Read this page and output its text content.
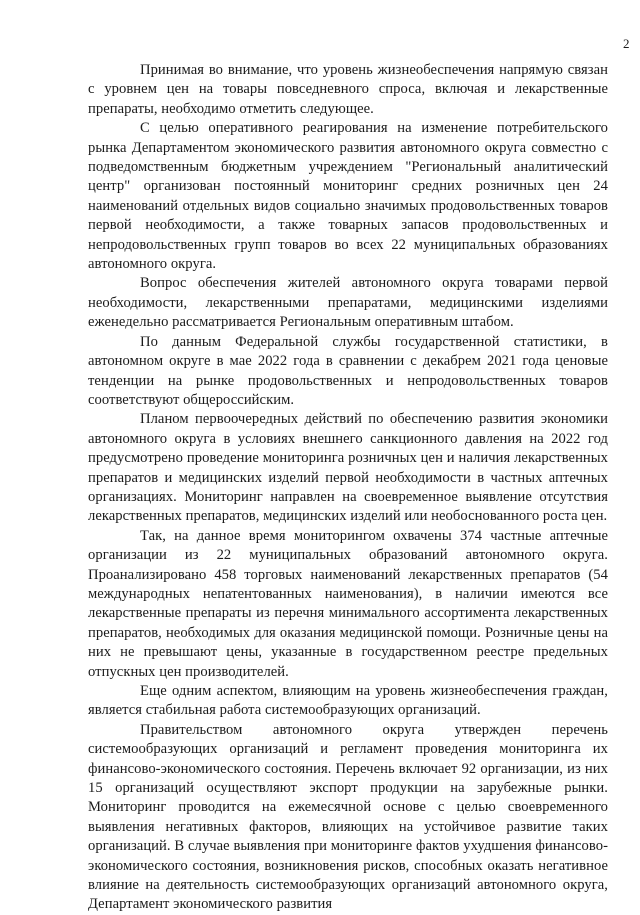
2

Принимая во внимание, что уровень жизнеобеспечения напрямую связан с уровнем цен на товары повседневного спроса, включая и лекарственные препараты, необходимо отметить следующее.

С целью оперативного реагирования на изменение потребительского рынка Департаментом экономического развития автономного округа совместно с подведомственным бюджетным учреждением "Региональный аналитический центр" организован постоянный мониторинг средних розничных цен 24 наименований отдельных видов социально значимых продовольственных товаров первой необходимости, а также товарных запасов продовольственных и непродовольственных групп товаров во всех 22 муниципальных образованиях автономного округа.

Вопрос обеспечения жителей автономного округа товарами первой необходимости, лекарственными препаратами, медицинскими изделиями еженедельно рассматривается Региональным оперативным штабом.

По данным Федеральной службы государственной статистики, в автономном округе в мае 2022 года в сравнении с декабрем 2021 года ценовые тенденции на рынке продовольственных и непродовольственных товаров соответствуют общероссийским.

Планом первоочередных действий по обеспечению развития экономики автономного округа в условиях внешнего санкционного давления на 2022 год предусмотрено проведение мониторинга розничных цен и наличия лекарственных препаратов и медицинских изделий первой необходимости в частных аптечных организациях. Мониторинг направлен на своевременное выявление отсутствия лекарственных препаратов, медицинских изделий или необоснованного роста цен.

Так, на данное время мониторингом охвачены 374 частные аптечные организации из 22 муниципальных образований автономного округа. Проанализировано 458 торговых наименований лекарственных препаратов (54 международных непатентованных наименования), в наличии имеются все лекарственные препараты из перечня минимального ассортимента лекарственных препаратов, необходимых для оказания медицинской помощи. Розничные цены на них не превышают цены, указанные в государственном реестре предельных отпускных цен производителей.

Еще одним аспектом, влияющим на уровень жизнеобеспечения граждан, является стабильная работа системообразующих организаций.

Правительством автономного округа утвержден перечень системообразующих организаций и регламент проведения мониторинга их финансово-экономического состояния. Перечень включает 92 организации, из них 15 организаций осуществляют экспорт продукции на зарубежные рынки. Мониторинг проводится на ежемесячной основе с целью своевременного выявления негативных факторов, влияющих на устойчивое развитие таких организаций. В случае выявления при мониторинге фактов ухудшения финансово-экономического состояния, возникновения рисков, способных оказать негативное влияние на деятельность системообразующих организаций автономного округа, Департамент экономического развития
